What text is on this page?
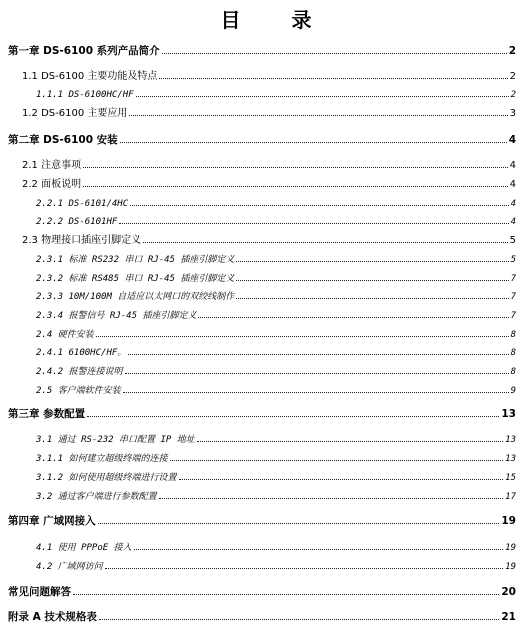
目 录
第一章 DS-6100 系列产品简介	2
1.1 DS-6100 主要功能及特点	2
1.1.1 DS-6100HC/HF	2
1.2 DS-6100 主要应用	3
第二章 DS-6100 安装	4
2.1 注意事项	4
2.2 面板说明	4
2.2.1 DS-6101/4HC	4
2.2.2 DS-6101HF	4
2.3 物理接口插座引脚定义	5
2.3.1 标准 RS232 串口 RJ-45 插座引脚定义	5
2.3.2 标准 RS485 串口 RJ-45 插座引脚定义	7
2.3.3 10M/100M 自适应以太网口的双绞线制作	7
2.3.4 报警信号 RJ-45 插座引脚定义	7
2.4 硬件安装	8
2.4.1 6100HC/HF。	8
2.4.2 报警连接说明	8
2.5 客户端软件安装	9
第三章 参数配置	13
3.1 通过 RS-232 串口配置 IP 地址	13
3.1.1 如何建立超级终端的连接	13
3.1.2 如何使用超级终端进行设置	15
3.2 通过客户端进行参数配置	17
第四章 广域网接入	19
4.1 使用 PPPoE 接入	19
4.2 广域网访问	19
常见问题解答	20
附录 A 技术规格表	21
